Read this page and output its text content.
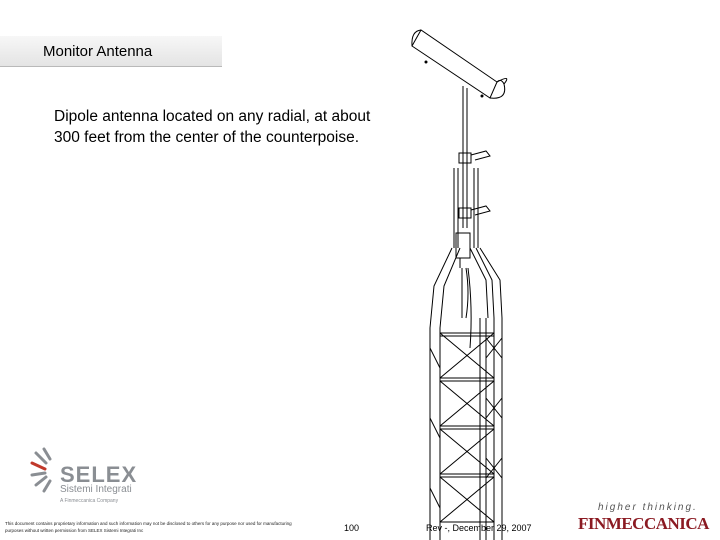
Monitor Antenna
Dipole antenna located on any radial, at about
300 feet from the center of the counterpoise.
SELEX
Sistemi Integrati
A Finmeccanica Company
This document contains proprietary information and such information may not be disclosed to others for any purpose nor used for manufacturing purposes without written permission from SELEX Sistemi Integrati Inc	100	Rev -, December 29, 2007
higher thinking.
FINMECCANICA
